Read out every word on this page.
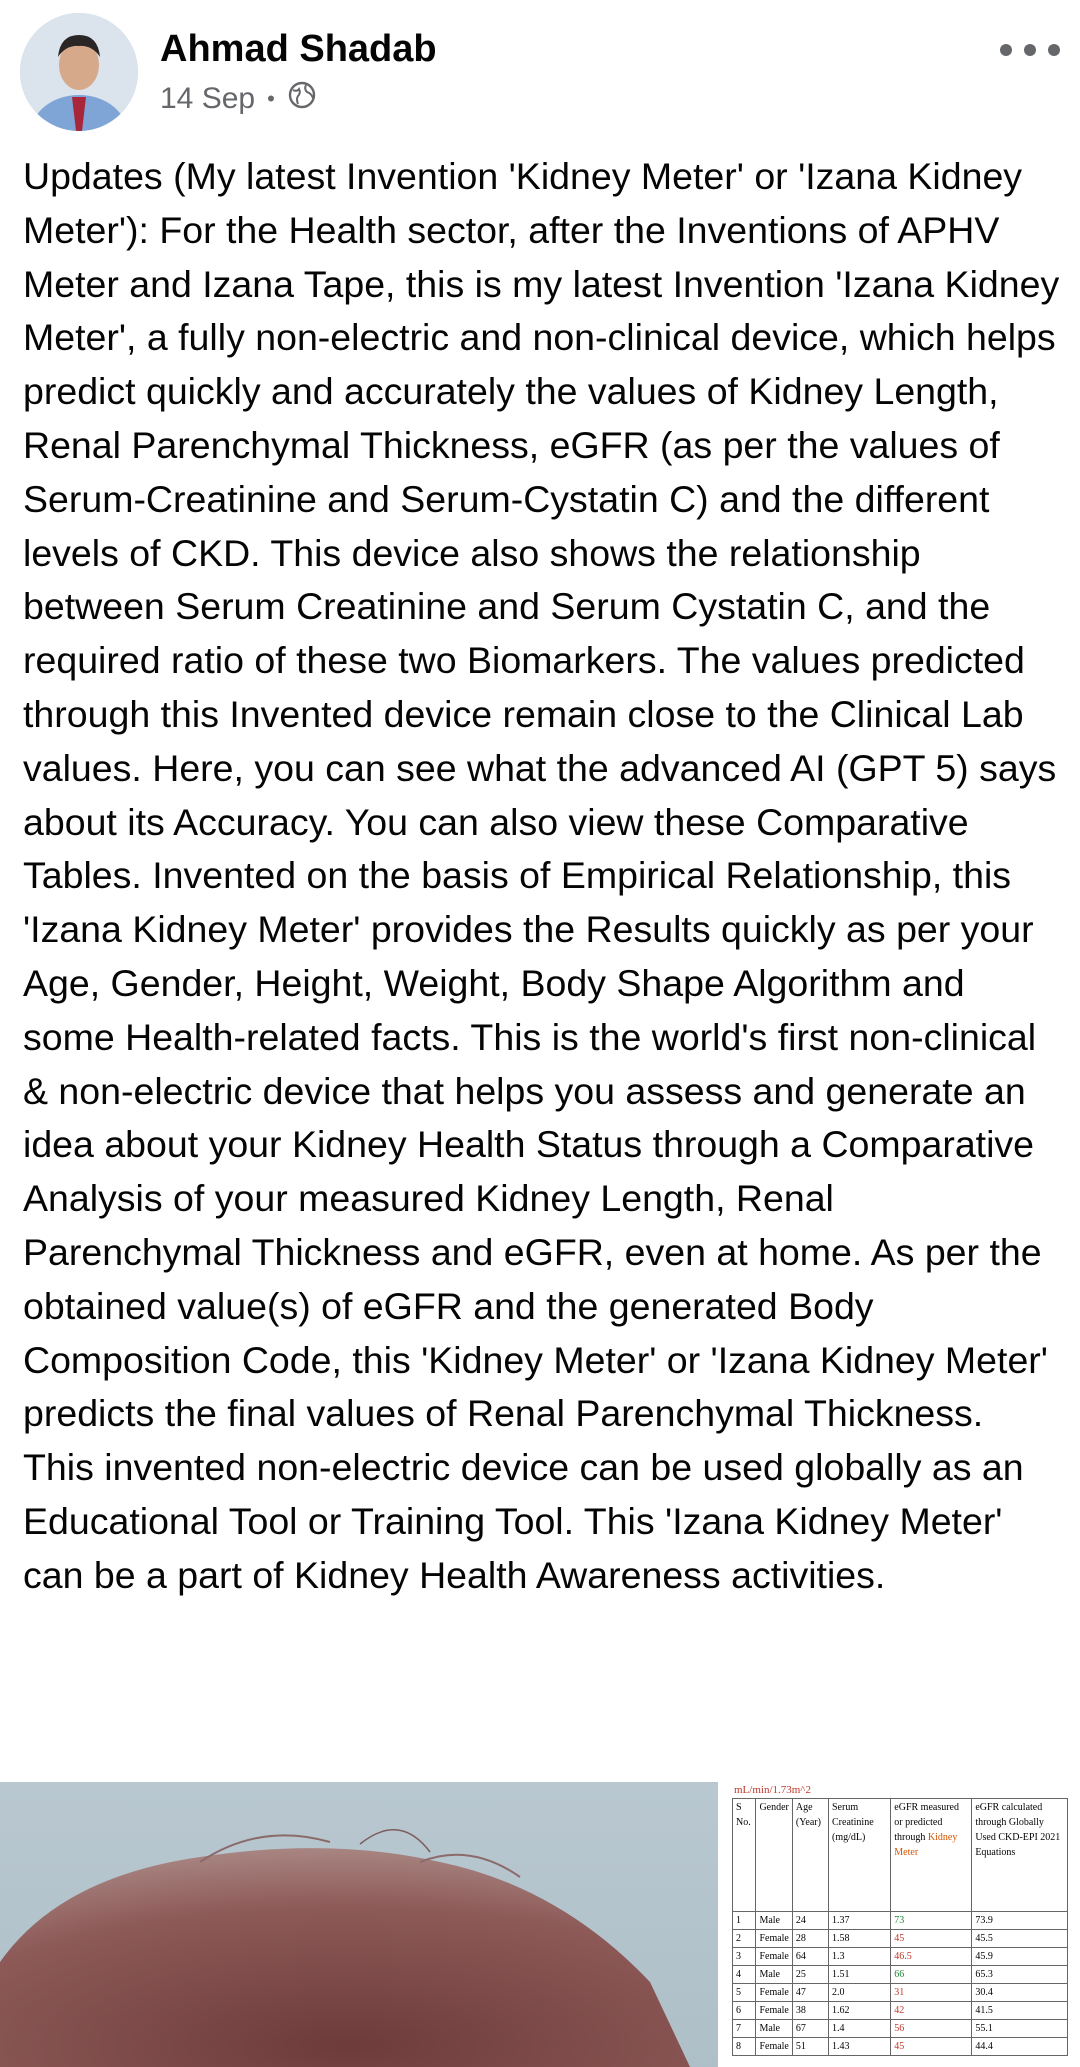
Ahmad Shadab
14 Sep •

Updates (My latest Invention 'Kidney Meter' or 'Izana Kidney Meter'): For the Health sector, after the Inventions of APHV Meter and Izana Tape, this is my latest Invention 'Izana Kidney Meter', a fully non-electric and non-clinical device, which helps predict quickly and accurately the values of Kidney Length, Renal Parenchymal Thickness, eGFR (as per the values of Serum-Creatinine and Serum-Cystatin C) and the different levels of CKD. This device also shows the relationship between Serum Creatinine and Serum Cystatin C, and the required ratio of these two Biomarkers. The values predicted through this Invented device remain close to the Clinical Lab values. Here, you can see what the advanced AI (GPT 5) says about its Accuracy. You can also view these Comparative Tables. Invented on the basis of Empirical Relationship, this 'Izana Kidney Meter' provides the Results quickly as per your Age, Gender, Height, Weight, Body Shape Algorithm and some Health-related facts. This is the world's first non-clinical & non-electric device that helps you assess and generate an idea about your Kidney Health Status through a Comparative Analysis of your measured Kidney Length, Renal Parenchymal Thickness and eGFR, even at home. As per the obtained value(s) of eGFR and the generated Body Composition Code, this 'Kidney Meter' or 'Izana Kidney Meter' predicts the final values of Renal Parenchymal Thickness. This invented non-electric device can be used globally as an Educational Tool or Training Tool. This 'Izana Kidney Meter' can be a part of Kidney Health Awareness activities.

mL/min/1.73m^2
S No.	Gender	Age (Year)	Serum Creatinine (mg/dL)	eGFR measured or predicted through Kidney Meter	eGFR calculated through Globally Used CKD-EPI 2021 Equations
1	Male	24	1.37	73	73.9
2	Female	28	1.58	45	45.5
3	Female	64	1.3	46.5	45.9
4	Male	25	1.51	66	65.3
5	Female	47	2.0	31	30.4
6	Female	38	1.62	42	41.5
7	Male	67	1.4	56	55.1
8	Female	51	1.43	45	44.4
